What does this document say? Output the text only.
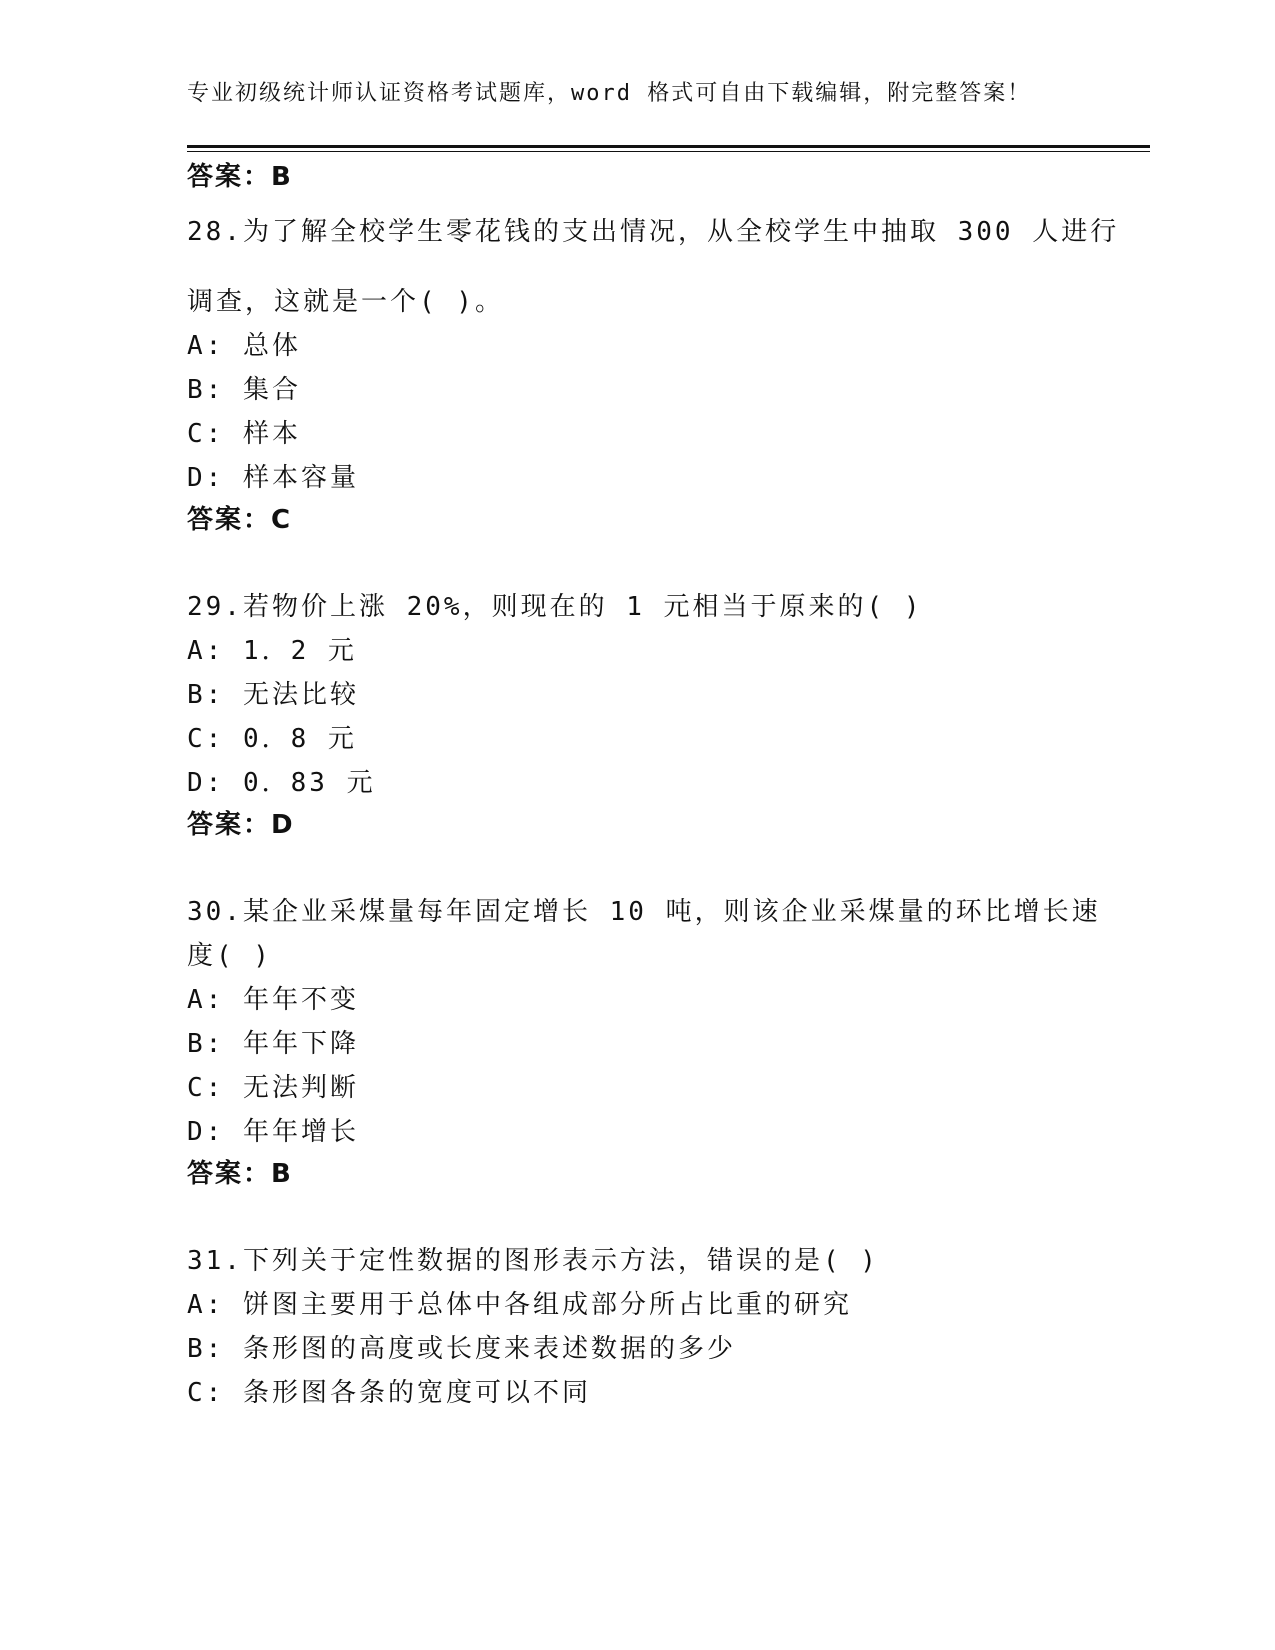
专业初级统计师认证资格考试题库，word 格式可自由下载编辑，附完整答案！
答案：B
28.为了解全校学生零花钱的支出情况，从全校学生中抽取 300 人进行
调查，这就是一个( )。
A: 总体
B: 集合
C: 样本
D: 样本容量
答案：C
29.若物价上涨 20%，则现在的 1 元相当于原来的( )
A: 1．2 元
B: 无法比较
C: 0．8 元
D: 0．83 元
答案：D
30.某企业采煤量每年固定增长 10 吨，则该企业采煤量的环比增长速
度( )
A: 年年不变
B: 年年下降
C: 无法判断
D: 年年增长
答案：B
31.下列关于定性数据的图形表示方法，错误的是( )
A: 饼图主要用于总体中各组成部分所占比重的研究
B: 条形图的高度或长度来表述数据的多少
C: 条形图各条的宽度可以不同
